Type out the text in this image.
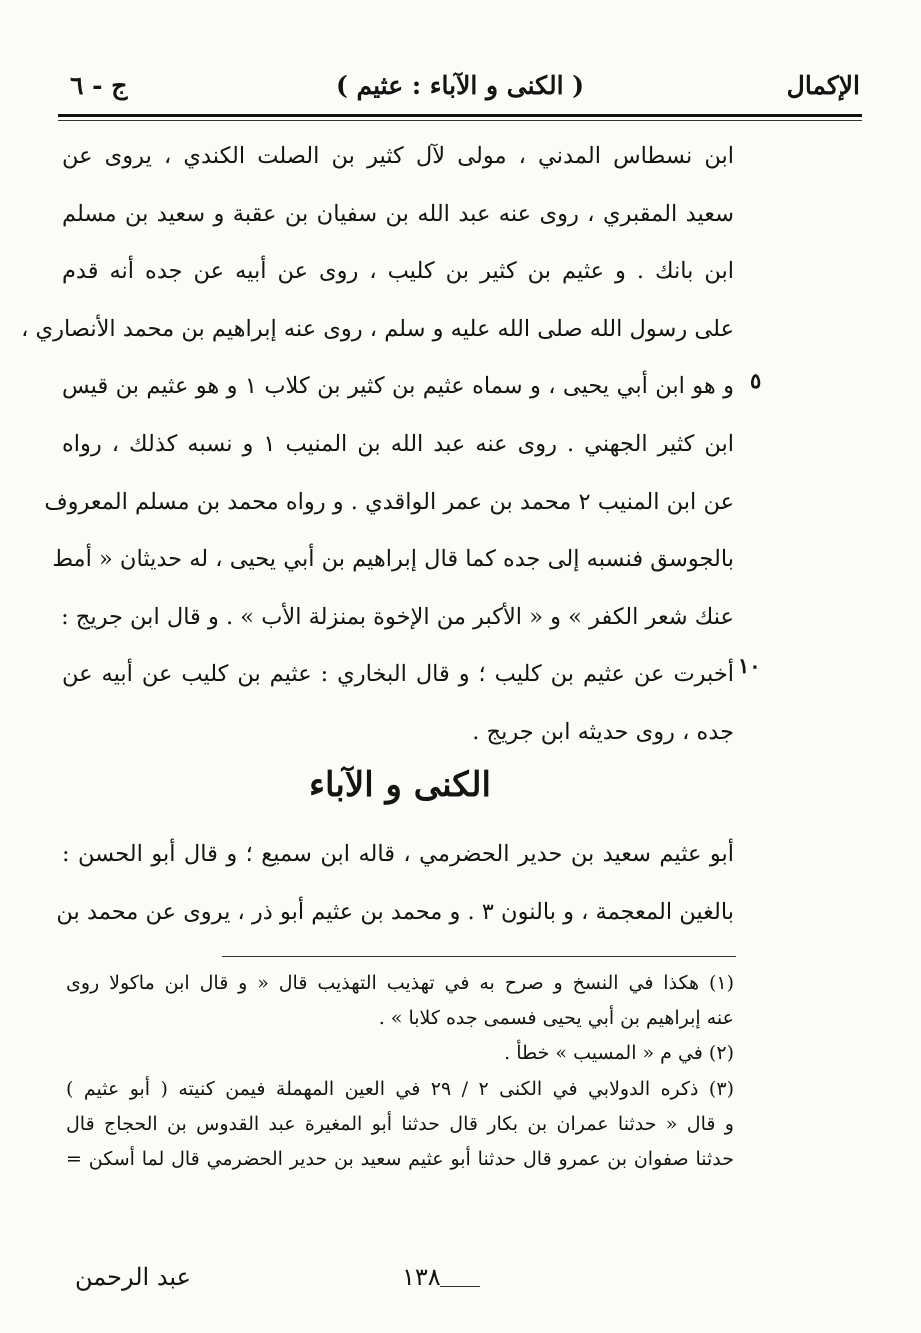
ج - ٦	( الكنى و الآباء : عثيم )	الإكمال
ابن نسطاس المدني ، مولى لآل كثير بن الصلت الكندي ، يروى عن
سعيد المقبري ، روى عنه عبد الله بن سفيان بن عقبة و سعيد بن مسلم
ابن بانك . و عثيم بن كثير بن كليب ، روى عن أبيه عن جده أنه قدم
على رسول الله صلى الله عليه و سلم ، روى عنه إبراهيم بن محمد الأنصاري ،
و هو ابن أبي يحيى ، و سماه عثيم بن كثير بن كلاب ١ و هو عثيم بن قيس
ابن كثير الجهني . روى عنه عبد الله بن المنيب ١ و نسبه كذلك ، رواه
عن ابن المنيب ٢ محمد بن عمر الواقدي . و رواه محمد بن مسلم المعروف
بالجوسق فنسبه إلى جده كما قال إبراهيم بن أبي يحيى ، له حديثان « أمط
عنك شعر الكفر » و « الأكبر من الإخوة بمنزلة الأب » . و قال ابن جريج :
أخبرت عن عثيم بن كليب ؛ و قال البخاري : عثيم بن كليب عن أبيه عن
جده ، روى حديثه ابن جريج .
٥
١٠
الكنى و الآباء
أبو عثيم سعيد بن حدير الحضرمي ، قاله ابن سميع ؛ و قال أبو الحسن :
بالغين المعجمة ، و بالنون ٣ . و محمد بن عثيم أبو ذر ، يروى عن محمد بن
(١) هكذا في النسخ و صرح به في تهذيب التهذيب قال « و قال ابن ماكولا روى
عنه إبراهيم بن أبي يحيى فسمى جده كلابا » .
(٢) في م « المسيب » خطأ .
(٣) ذكره الدولابي في الكنى ٢ / ٢٩ في العين المهملة فيمن كنيته ( أبو عثيم )
و قال « حدثنا عمران بن بكار قال حدثنا أبو المغيرة عبد القدوس بن الحجاج قال
حدثنا صفوان بن عمرو قال حدثنا أبو عثيم سعيد بن حدير الحضرمي قال لما أسكن =
١٣٨
عبد الرحمن
